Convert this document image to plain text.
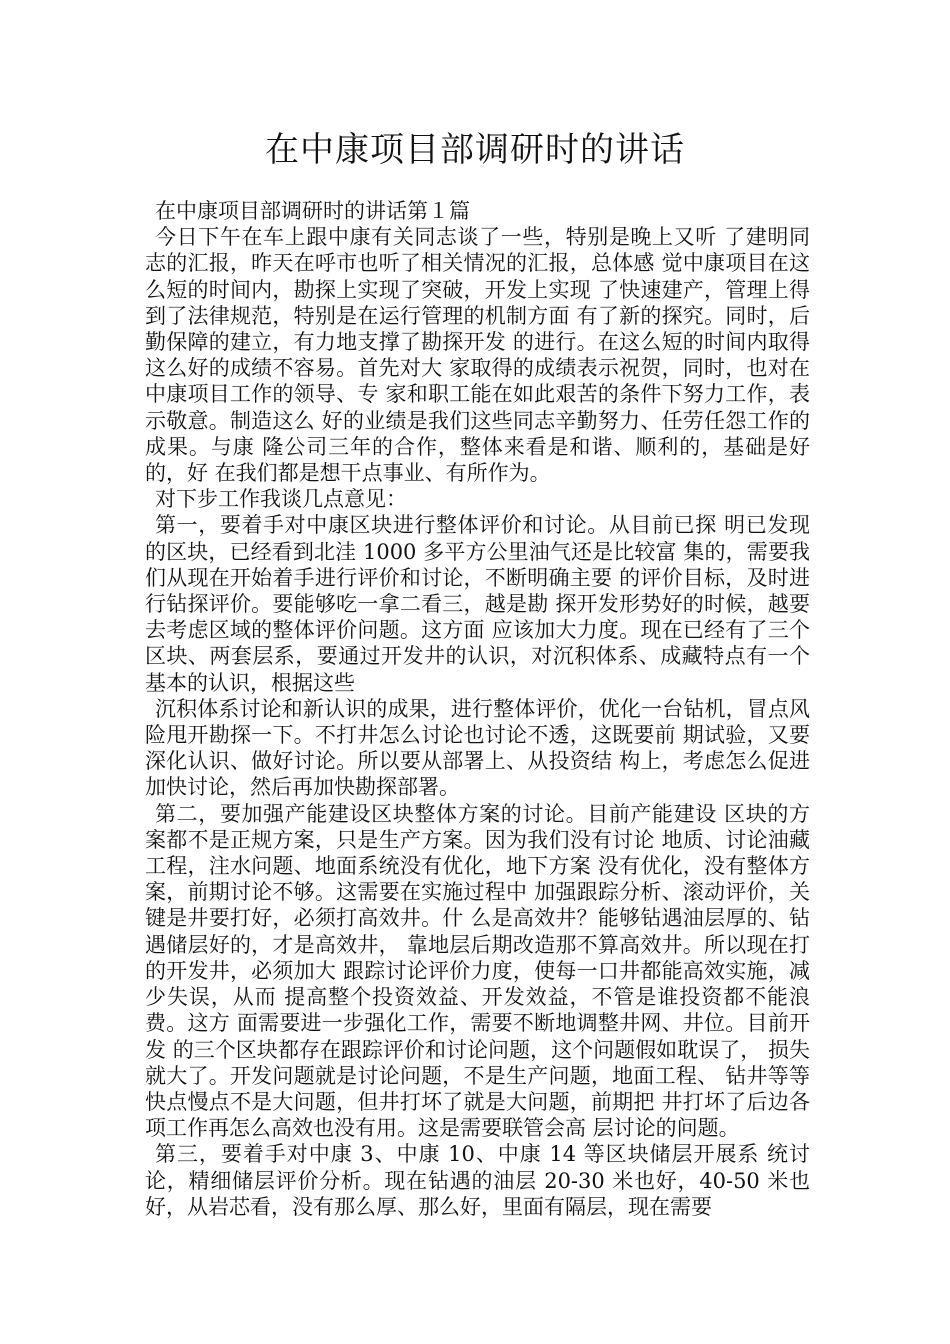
在中康项目部调研时的讲话

在中康项目部调研时的讲话第１篇

今日下午在车上跟中康有关同志谈了一些，特别是晚上又听 了建明同志的汇报，昨天在呼市也听了相关情况的汇报，总体感 觉中康项目在这么短的时间内，勘探上实现了突破，开发上实现 了快速建产，管理上得到了法律规范，特别是在运行管理的机制方面 有了新的探究。同时，后勤保障的建立，有力地支撑了勘探开发 的进行。在这么短的时间内取得这么好的成绩不容易。首先对大 家取得的成绩表示祝贺，同时，也对在中康项目工作的领导、专 家和职工能在如此艰苦的条件下努力工作，表示敬意。制造这么 好的业绩是我们这些同志辛勤努力、任劳任怨工作的成果。与康 隆公司三年的合作，整体来看是和谐、顺利的，基础是好的，好 在我们都是想干点事业、有所作为。

对下步工作我谈几点意见：

第一，要着手对中康区块进行整体评价和讨论。从目前已探 明已发现的区块，已经看到北洼 1000 多平方公里油气还是比较富 集的，需要我们从现在开始着手进行评价和讨论，不断明确主要 的评价目标，及时进行钻探评价。要能够吃一拿二看三，越是勘 探开发形势好的时候，越要去考虑区域的整体评价问题。这方面 应该加大力度。现在已经有了三个区块、两套层系，要通过开发井的认识，对沉积体系、成藏特点有一个基本的认识，根据这些

沉积体系讨论和新认识的成果，进行整体评价，优化一台钻机，冒点风险甩开勘探一下。不打井怎么讨论也讨论不透，这既要前 期试验，又要深化认识、做好讨论。所以要从部署上、从投资结 构上，考虑怎么促进加快讨论，然后再加快勘探部署。

第二，要加强产能建设区块整体方案的讨论。目前产能建设 区块的方案都不是正规方案，只是生产方案。因为我们没有讨论 地质、讨论油藏工程，注水问题、地面系统没有优化，地下方案 没有优化，没有整体方案，前期讨论不够。这需要在实施过程中 加强跟踪分析、滚动评价，关键是井要打好，必须打高效井。什 么是高效井？能够钻遇油层厚的、钻遇储层好的，才是高效井， 靠地层后期改造那不算高效井。所以现在打的开发井，必须加大 跟踪讨论评价力度，使每一口井都能高效实施，减少失误，从而 提高整个投资效益、开发效益，不管是谁投资都不能浪费。这方 面需要进一步强化工作，需要不断地调整井网、井位。目前开发 的三个区块都存在跟踪评价和讨论问题，这个问题假如耽误了， 损失就大了。开发问题就是讨论问题，不是生产问题，地面工程、 钻井等等快点慢点不是大问题，但井打坏了就是大问题，前期把 井打坏了后边各项工作再怎么高效也没有用。这是需要联管会高 层讨论的问题。

第三，要着手对中康 3、中康 10、中康 14 等区块储层开展系 统讨论，精细储层评价分析。现在钻遇的油层 20-30 米也好，40-50 米也好，从岩芯看，没有那么厚、那么好，里面有隔层，现在需要
